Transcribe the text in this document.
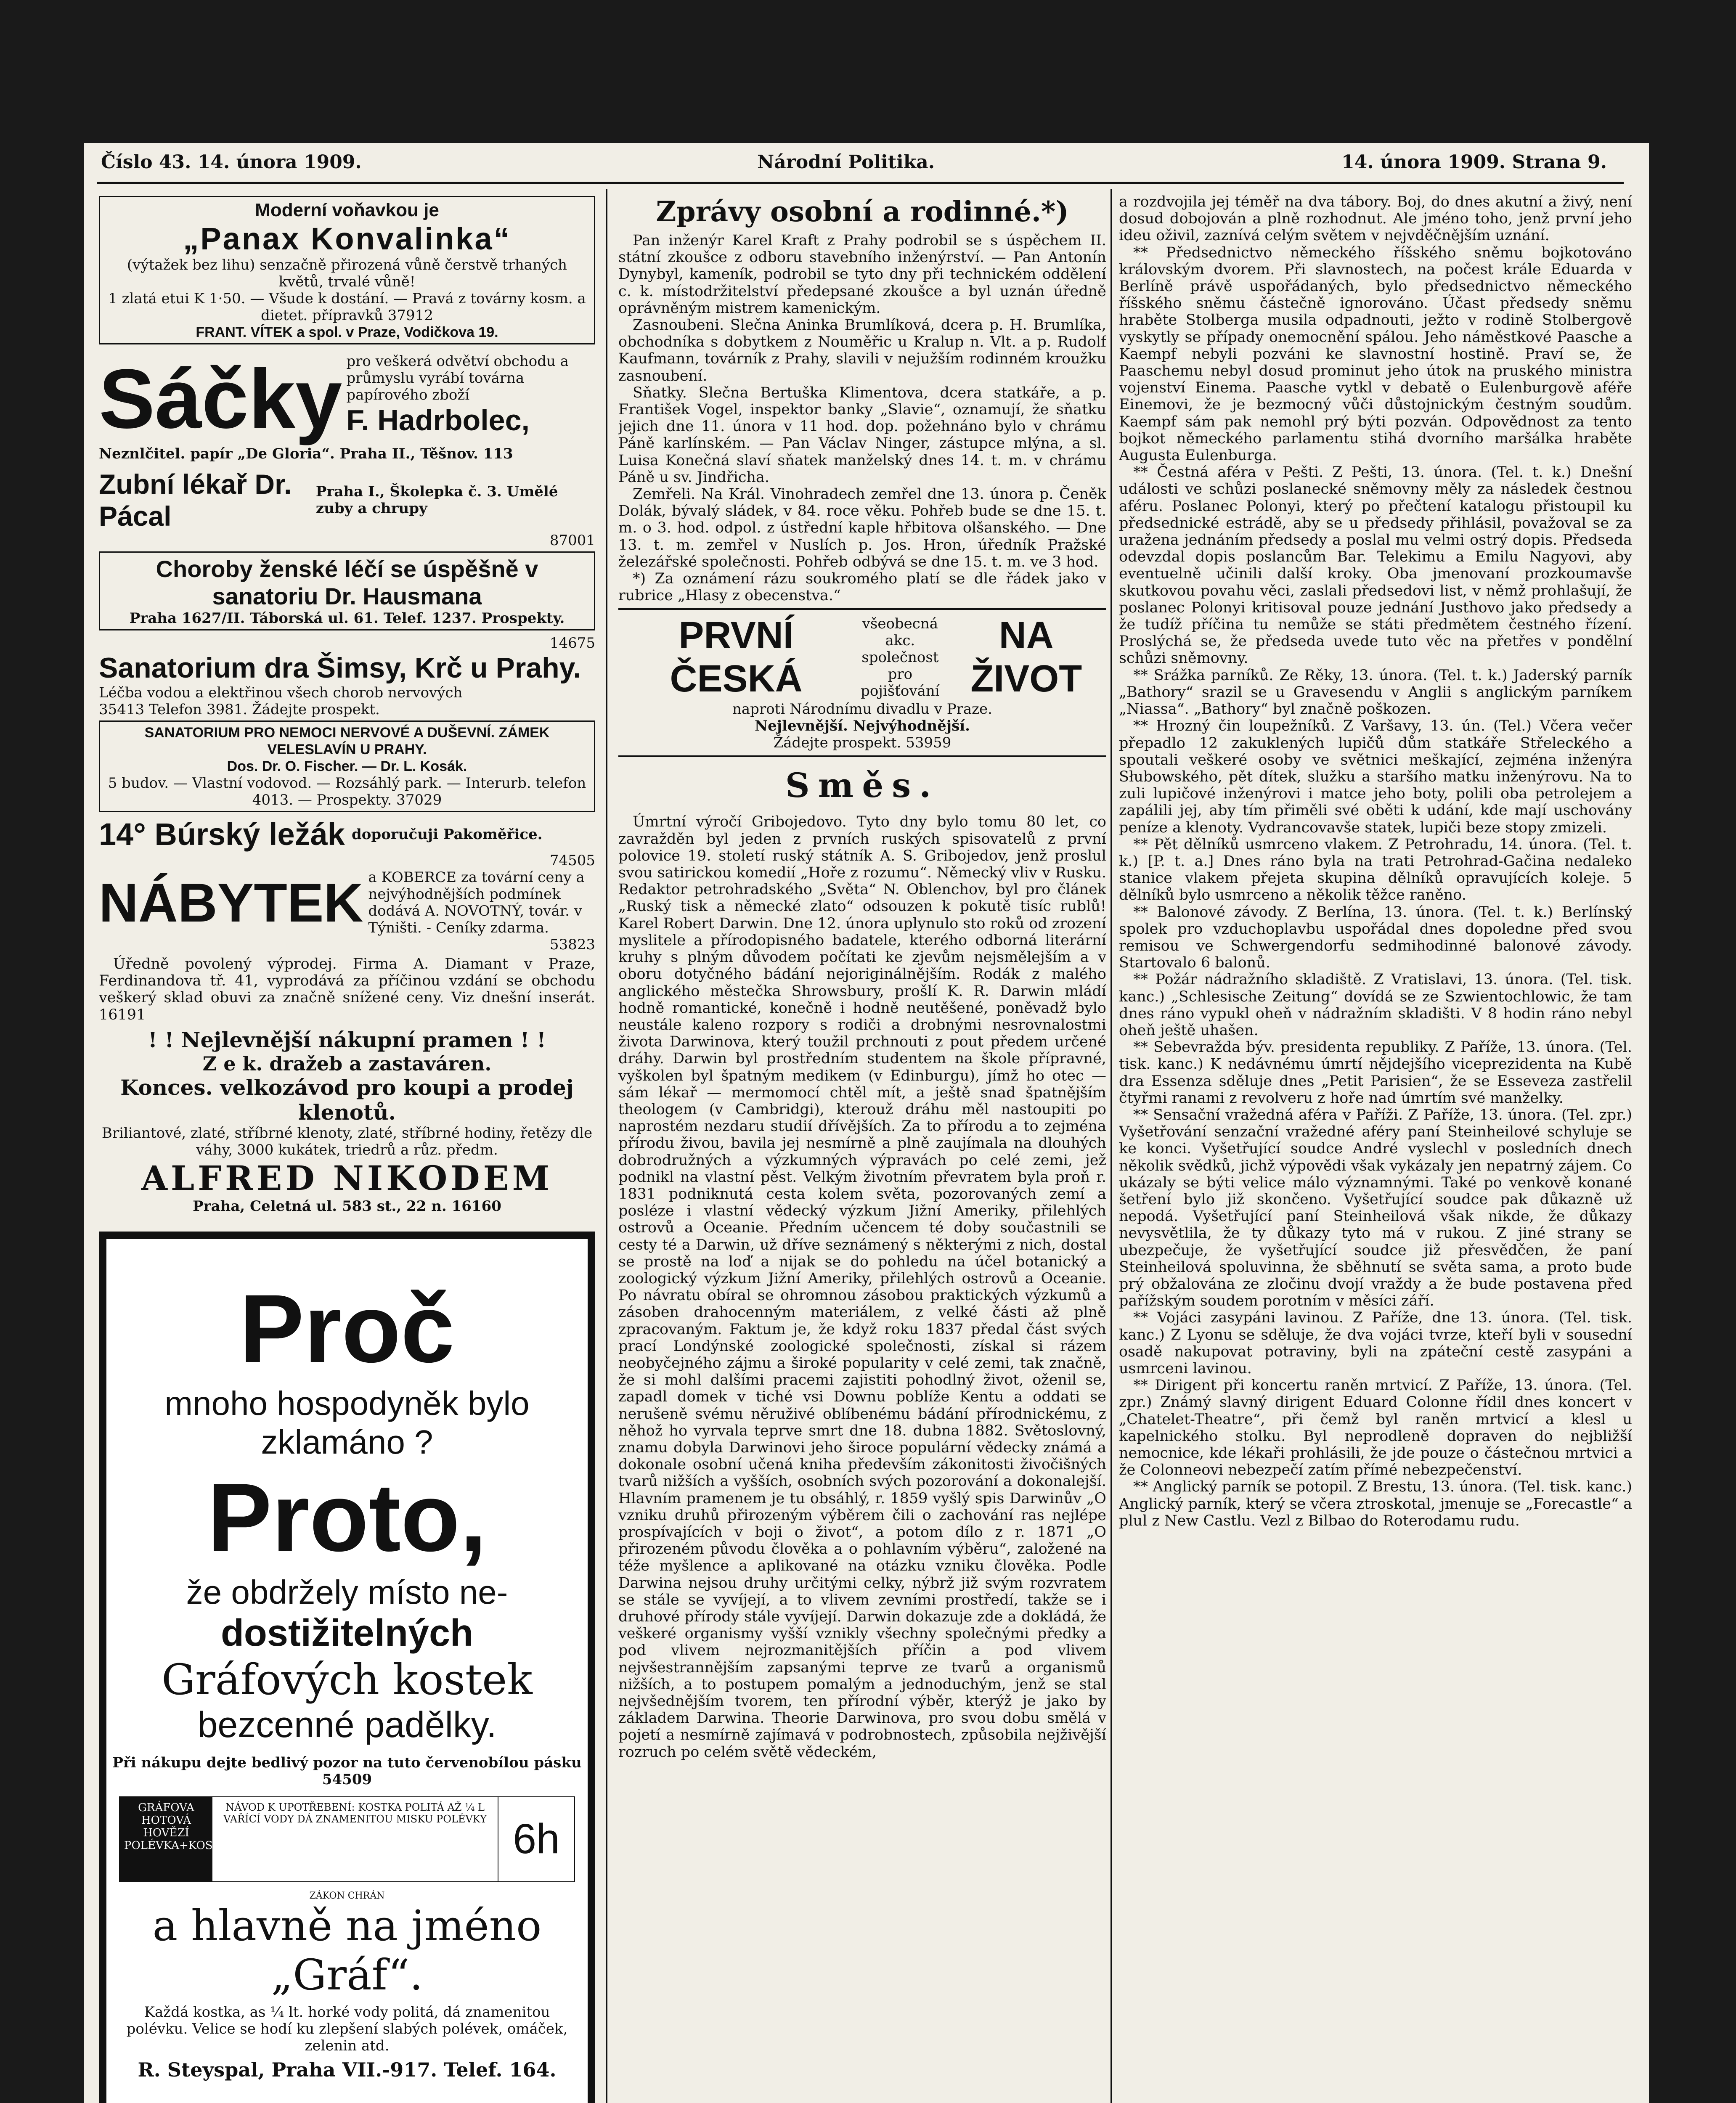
Číslo 43. 14. února 1909.	Národní Politika.	14. února 1909. Strana 9.
Moderní voňavkou je
„Panax Konvalinka“
(výtažek bez lihu) senzačně přirozená vůně čerstvě trhaných květů, trvalé vůně!
1 zlatá etui K 1·50. — Všude k dostání. — Pravá z továrny kosm. a dietet. přípravků 37912
FRANT. VÍTEK a spol. v Praze, Vodičkova 19.
Sáčky pro veškerá odvětví obchodu a průmyslu vyrábí továrna papírového zboží
F. Hadrbolec,
Neznlčitel. papír „De Gloria“. Praha II., Těšnov. 113
Zubní lékař Dr. Pácal
Praha I., Školepka č. 3. Umělé zuby a chrupy
87001
Choroby ženské léčí se úspěšně v sanatoriu Dr. Hausmana
Praha 1627/II. Táborská ul. 61. Telef. 1237. Prospekty.
14675
Sanatorium dra Šimsy, Krč u Prahy.
Léčba vodou a elektřinou všech chorob nervových
35413 Telefon 3981. Žádejte prospekt.
SANATORIUM PRO NEMOCI NERVOVÉ A DUŠEVNÍ. ZÁMEK VELESLAVÍN U PRAHY.
Dos. Dr. O. Fischer. — Dr. L. Kosák.
5 budov. — Vlastní vodovod. — Rozsáhlý park. — Interurb. telefon 4013. — Prospekty. 37029
14° Búrský ležák doporučuji Pakoměřice.
74505
NÁBYTEK a KOBERCE za tovární ceny a nejvýhodnějších podmínek dodává A. NOVOTNÝ, továr. v Týništi. - Ceníky zdarma.
53823

Úředně povolený výprodej. Firma A. Diamant v Praze, Ferdinandova tř. 41, vyprodává za příčinou vzdání se obchodu veškerý sklad obuvi za značně snížené ceny. Viz dnešní inserát. 16191

! ! Nejlevnější nákupní pramen ! !
Z e k. dražeb a zastaváren.
Konces. velkozávod pro koupi a prodej klenotů.
Briliantové, zlaté, stříbrné klenoty, zlaté, stříbrné hodiny, řetězy dle váhy, 3000 kukátek, triedrů a růz. předm.
ALFRED NIKODEM
Praha, Celetná ul. 583 st., 22 n. 16160
Proč
mnoho hospodyněk bylo
zklamáno ?
Proto,
že obdržely místo ne-
dostižitelných
Gráfových kostek
bezcenné padělky.
Při nákupu dejte bedlivý pozor na tuto červenobílou pásku 54509
GRÁFOVA HOTOVÁ HOVĚZÍ POLÉVKA+KOSTEK
NÁVOD K UPOTŘEBENÍ: KOSTKA POLITÁ AŽ ¼ L VAŘÍCÍ VODY DÁ ZNAMENITOU MISKU POLÉVKY 6h
ZÁKON CHRÁN
a hlavně na jméno „Gráf“.
Každá kostka, as ¼ lt. horké vody politá, dá znamenitou polévku. Velice se hodí ku zlepšení slabých polévek, omáček, zelenin atd.
R. Steyspal, Praha VII.-917. Telef. 164.
Zprávy osobní a rodinné.*)

Pan inženýr Karel Kraft z Prahy podrobil se s úspěchem II. státní zkoušce z odboru stavebního inženýrství. — Pan Antonín Dynybyl, kameník, podrobil se tyto dny při technickém oddělení c. k. místodržitelství předepsané zkoušce a byl uznán úředně oprávněným mistrem kamenickým.

Zasnoubeni. Slečna Aninka Brumlíková, dcera p. H. Brumlíka, obchodníka s dobytkem z Nouměřic u Kralup n. Vlt. a p. Rudolf Kaufmann, továrník z Prahy, slavili v nejužším rodinném kroužku zasnoubení.

Sňatky. Slečna Bertuška Klimentova, dcera statkáře, a p. František Vogel, inspektor banky „Slavie“, oznamují, že sňatku jejich dne 11. února v 11 hod. dop. požehnáno bylo v chrámu Páně karlínském. — Pan Václav Ninger, zástupce mlýna, a sl. Luisa Konečná slaví sňatek manželský dnes 14. t. m. v chrámu Páně u sv. Jindřicha.

Zemřeli. Na Král. Vinohradech zemřel dne 13. února p. Čeněk Dolák, bývalý sládek, v 84. roce věku. Pohřeb bude se dne 15. t. m. o 3. hod. odpol. z ústřední kaple hřbitova olšanského. — Dne 13. t. m. zemřel v Nuslích p. Jos. Hron, úředník Pražské železářské společnosti. Pohřeb odbývá se dne 15. t. m. ve 3 hod.

*) Za oznámení rázu soukromého platí se dle řádek jako v rubrice „Hlasy z obecenstva.“

PRVNÍ ČESKÁ
všeobecná akc. společnost pro pojišťování
NA ŽIVOT
naproti Národnímu divadlu v Praze.
Nejlevnější. Nejvýhodnější.
Žádejte prospekt. 53959
Směs.

Úmrtní výročí Gribojedovo. Tyto dny bylo tomu 80 let, co zavražděn byl jeden z prvních ruských spisovatelů z první polovice 19. století ruský státník A. S. Gribojedov, jenž proslul svou satirickou komedií „Hoře z rozumu“. Německý vliv v Rusku. Redaktor petrohradského „Světa“ N. Oblenchov, byl pro článek „Ruský tisk a německé zlato“ odsouzen k pokutě tisíc rublů! Karel Robert Darwin. Dne 12. února uplynulo sto roků od zrození myslitele a přírodopisného badatele, kterého odborná literární kruhy s plným důvodem počítati ke zjevům nejsmělejším a v oboru dotyčného bádání nejoriginálnějším. Rodák z malého anglického městečka Shrowsbury, prošlí K. R. Darwin mládí hodně romantické, konečně i hodně neutěšené, poněvadž bylo neustále kaleno rozpory s rodiči a drobnými nesrovnalostmi života Darwinova, který toužil prchnouti z pout předem určené dráhy. Darwin byl prostředním studentem na škole přípravné, vyškolen byl špatným medikem (v Edinburgu), jímž ho otec — sám lékař — mermomocí chtěl mít, a ještě snad špatnějším theologem (v Cambridgi), kterouž dráhu měl nastoupiti po naprostém nezdaru studií dřívějších. Za to přírodu a to zejména přírodu živou, bavila jej nesmírně a plně zaujímala na dlouhých dobrodružných a výzkumných výpravách po celé zemi, jež podnikl na vlastní pěst. Velkým životním převratem byla proň r. 1831 podniknutá cesta kolem světa, pozorovaných zemí a posléze i vlastní vědecký výzkum Jižní Ameriky, přilehlých ostrovů a Oceanie. Předním učencem té doby součastnili se cesty té a Darwin, už dříve seznámený s některými z nich, dostal se prostě na loď a nijak se do pohledu na účel botanický a zoologický výzkum Jižní Ameriky, přilehlých ostrovů a Oceanie. Po návratu obíral se ohromnou zásobou praktických výzkumů a zásoben drahocenným materiálem, z velké části až plně zpracovaným. Faktum je, že když roku 1837 předal část svých prací Londýnské zoologické společnosti, získal si rázem neobyčejného zájmu a široké popularity v celé zemi, tak značně, že si mohl dalšími pracemi zajistiti pohodlný život, oženil se, zapadl domek v tiché vsi Downu poblíže Kentu a oddati se nerušeně svému něruživé oblíbenému bádání přírodnickému, z něhož ho vyrvala teprve smrt dne 18. dubna 1882. Světoslovný, znamu dobyla Darwinovi jeho široce populární vědecky známá a dokonale osobní učená kniha především zákonitosti živočišných tvarů nižších a vyšších, osobních svých pozorování a dokonalejší. Hlavním pramenem je tu obsáhlý, r. 1859 vyšlý spis Darwinův „O vzniku druhů přirozeným výběrem čili o zachování ras nejlépe prospívajících v boji o život“, a potom dílo z r. 1871 „O přirozeném původu člověka a o pohlavním výběru“, založené na téže myšlence a aplikované na otázku vzniku člověka. Podle Darwina nejsou druhy určitými celky, nýbrž již svým rozvratem se stále se vyvíjejí, a to vlivem zevními prostředí, takže se i druhové přírody stále vyvíjejí. Darwin dokazuje zde a dokládá, že veškeré organismy vyšší vznikly všechny společnými předky a pod vlivem nejrozmanitějších příčin a pod vlivem nejvšestrannějším zapsanými teprve ze tvarů a organismů nižších, a to postupem pomalým a jednoduchým, jenž se stal nejvšednějším tvorem, ten přírodní výběr, kterýž je jako by základem Darwina. Theorie Darwinova, pro svou dobu smělá v pojetí a nesmírně zajímavá v podrobnostech, způsobila nejživější rozruch po celém světě vědeckém,

a rozdvojila jej téměř na dva tábory. Boj, do dnes akutní a živý, není dosud dobojován a plně rozhodnut. Ale jméno toho, jenž první jeho ideu oživil, zaznívá celým světem v nejvděčnějším uznání.

** Předsednictvo německého říšského sněmu bojkotováno královským dvorem. Při slavnostech, na počest krále Eduarda v Berlíně právě uspořádaných, bylo předsednictvo německého říšského sněmu částečně ignorováno. Účast předsedy sněmu hraběte Stolberga musila odpadnouti, ježto v rodině Stolbergově vyskytly se případy onemocnění spálou. Jeho náměstkové Paasche a Kaempf nebyli pozváni ke slavnostní hostině. Praví se, že Paaschemu nebyl dosud prominut jeho útok na pruského ministra vojenství Einema. Paasche vytkl v debatě o Eulenburgově aféře Einemovi, že je bezmocný vůči důstojnickým čestným soudům. Kaempf sám pak nemohl prý býti pozván. Odpovědnost za tento bojkot německého parlamentu stihá dvorního maršálka hraběte Augusta Eulenburga.

** Čestná aféra v Pešti. Z Pešti, 13. února. (Tel. t. k.) Dnešní události ve schůzi poslanecké sněmovny měly za následek čestnou aféru. Poslanec Polonyi, který po přečtení katalogu přistoupil ku předsednické estrádě, aby se u předsedy přihlásil, považoval se za uražena jednáním předsedy a poslal mu velmi ostrý dopis. Předseda odevzdal dopis poslancům Bar. Telekimu a Emilu Nagyovi, aby eventuelně učinili další kroky. Oba jmenovaní prozkoumavše skutkovou povahu věci, zaslali předsedovi list, v němž prohlašují, že poslanec Polonyi kritisoval pouze jednání Justhovo jako předsedy a že tudíž příčina tu nemůže se státi předmětem čestného řízení. Proslýchá se, že předseda uvede tuto věc na přetřes v pondělní schůzi sněmovny.

** Srážka parníků. Ze Rěky, 13. února. (Tel. t. k.) Jaderský parník „Bathory“ srazil se u Gravesendu v Anglii s anglickým parníkem „Niassa“. „Bathory“ byl značně poškozen.

** Hrozný čin loupežníků. Z Varšavy, 13. ún. (Tel.) Včera večer přepadlo 12 zakuklených lupičů dům statkáře Střeleckého a spoutali veškeré osoby ve světnici meškající, zejména inženýra Słubowského, pět dítek, služku a staršího matku inženýrovu. Na to zuli lupičové inženýrovi i matce jeho boty, polili oba petrolejem a zapálili jej, aby tím přiměli své oběti k udání, kde mají uschovány peníze a klenoty. Vydrancovavše statek, lupiči beze stopy zmizeli.

** Pět dělníků usmrceno vlakem. Z Petrohradu, 14. února. (Tel. t. k.) [P. t. a.] Dnes ráno byla na trati Petrohrad-Gačina nedaleko stanice vlakem přejeta skupina dělníků opravujících koleje. 5 dělníků bylo usmrceno a několik těžce raněno.

** Balonové závody. Z Berlína, 13. února. (Tel. t. k.) Berlínský spolek pro vzduchoplavbu uspořádal dnes dopoledne před svou remisou ve Schwergendorfu sedmihodinné balonové závody. Startovalo 6 balonů.

** Požár nádražního skladiště. Z Vratislavi, 13. února. (Tel. tisk. kanc.) „Schlesische Zeitung“ dovídá se ze Szwientochlowic, že tam dnes ráno vypukl oheň v nádražním skladišti. V 8 hodin ráno nebyl oheň ještě uhašen.

** Sebevražda býv. presidenta republiky. Z Paříže, 13. února. (Tel. tisk. kanc.) K nedávnému úmrtí nějdejšího viceprezidenta na Kubě dra Essenza sděluje dnes „Petit Parisien“, že se Esseveza zastřelil čtyřmi ranami z revolveru z hoře nad úmrtím své manželky.

** Sensační vražedná aféra v Paříži. Z Paříže, 13. února. (Tel. zpr.) Vyšetřování senzační vražedné aféry paní Steinheilové schyluje se ke konci. Vyšetřující soudce André vyslechl v posledních dnech několik svědků, jichž výpovědi však vykázaly jen nepatrný zájem. Co ukázaly se býti velice málo významnými. Také po venkově konané šetření bylo již skončeno. Vyšetřující soudce pak důkazně už nepodá. Vyšetřující paní Steinheilová však nikde, že důkazy nevysvětlila, že ty důkazy tyto má v rukou. Z jiné strany se ubezpečuje, že vyšetřující soudce již přesvědčen, že paní Steinheilová spoluvinna, že sběhnutí se světa sama, a proto bude prý obžalována ze zločinu dvojí vraždy a že bude postavena před pařížským soudem porotním v měsíci září.

** Vojáci zasypáni lavinou. Z Paříže, dne 13. února. (Tel. tisk. kanc.) Z Lyonu se sděluje, že dva vojáci tvrze, kteří byli v sousední osadě nakupovat potraviny, byli na zpáteční cestě zasypáni a usmrceni lavinou.

** Dirigent při koncertu raněn mrtvicí. Z Paříže, 13. února. (Tel. zpr.) Známý slavný dirigent Eduard Colonne řídil dnes koncert v „Chatelet-Theatre“, při čemž byl raněn mrtvicí a klesl u kapelnického stolku. Byl neprodleně dopraven do nejbližší nemocnice, kde lékaři prohlásili, že jde pouze o částečnou mrtvici a že Colonneovi nebezpečí zatím přímé nebezpečenství.

** Anglický parník se potopil. Z Brestu, 13. února. (Tel. tisk. kanc.) Anglický parník, který se včera ztroskotal, jmenuje se „Forecastle“ a plul z New Castlu. Vezl z Bilbao do Roterodamu rudu.
